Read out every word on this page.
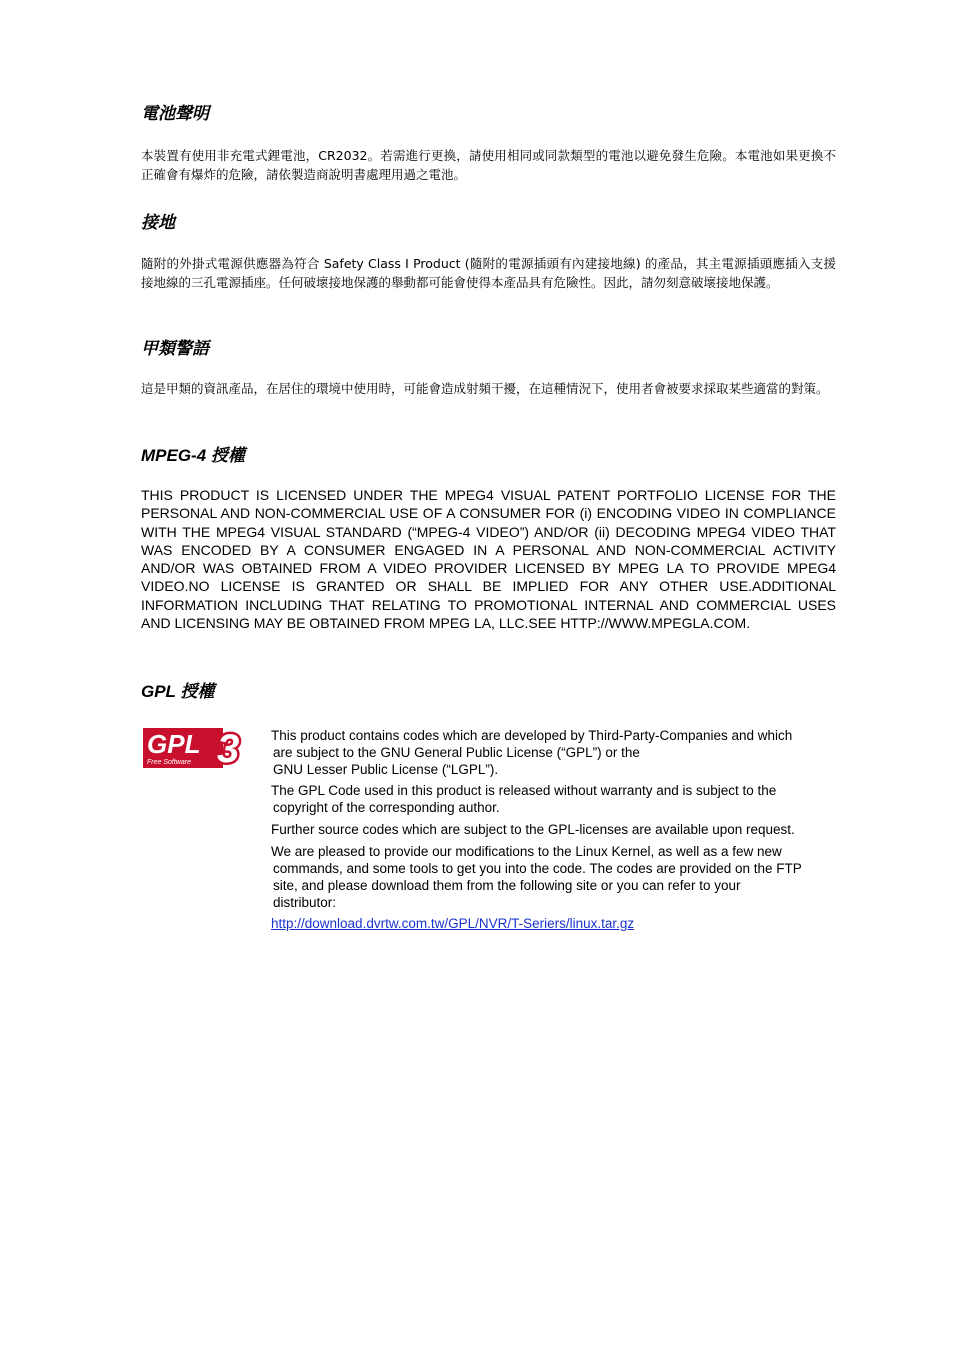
電池聲明
本裝置有使用非充電式鋰電池，CR2032。若需進行更換，請使用相同或同款類型的電池以避免發生危險。本電池如果更換不正確會有爆炸的危險，請依製造商說明書處理用過之電池。
接地
隨附的外掛式電源供應器為符合 Safety Class I Product (隨附的電源插頭有內建接地線) 的產品，其主電源插頭應插入支援接地線的三孔電源插座。任何破壞接地保護的舉動都可能會使得本產品具有危險性。因此，請勿刻意破壞接地保護。
甲類警語
這是甲類的資訊產品，在居住的環境中使用時，可能會造成射頻干擾，在這種情況下，使用者會被要求採取某些適當的對策。
MPEG-4 授權
THIS PRODUCT IS LICENSED UNDER THE MPEG4 VISUAL PATENT PORTFOLIO LICENSE FOR THE PERSONAL AND NON-COMMERCIAL USE OF A CONSUMER FOR (i) ENCODING VIDEO IN COMPLIANCE WITH THE MPEG4 VISUAL STANDARD (“MPEG-4 VIDEO”) AND/OR (ii) DECODING MPEG4 VIDEO THAT WAS ENCODED BY A CONSUMER ENGAGED IN A PERSONAL AND NON-COMMERCIAL ACTIVITY AND/OR WAS OBTAINED FROM A VIDEO PROVIDER LICENSED BY MPEG LA TO PROVIDE MPEG4 VIDEO.NO LICENSE IS GRANTED OR SHALL BE IMPLIED FOR ANY OTHER USE.ADDITIONAL INFORMATION INCLUDING THAT RELATING TO PROMOTIONAL INTERNAL AND COMMERCIAL USES AND LICENSING MAY BE OBTAINED FROM MPEG LA, LLC.SEE HTTP://WWW.MPEGLA.COM.
GPL 授權
GPL
Free Software 3 This product contains codes which are developed by Third-Party-Companies and which
are subject to the GNU General Public License (“GPL”) or the
GNU Lesser Public License (“LGPL”).
The GPL Code used in this product is released without warranty and is subject to the
copyright of the corresponding author.
Further source codes which are subject to the GPL-licenses are available upon request.
We are pleased to provide our modifications to the Linux Kernel, as well as a few new
commands, and some tools to get you into the code. The codes are provided on the FTP
site, and please download them from the following site or you can refer to your
distributor:
http://download.dvrtw.com.tw/GPL/NVR/T-Seriers/linux.tar.gz
